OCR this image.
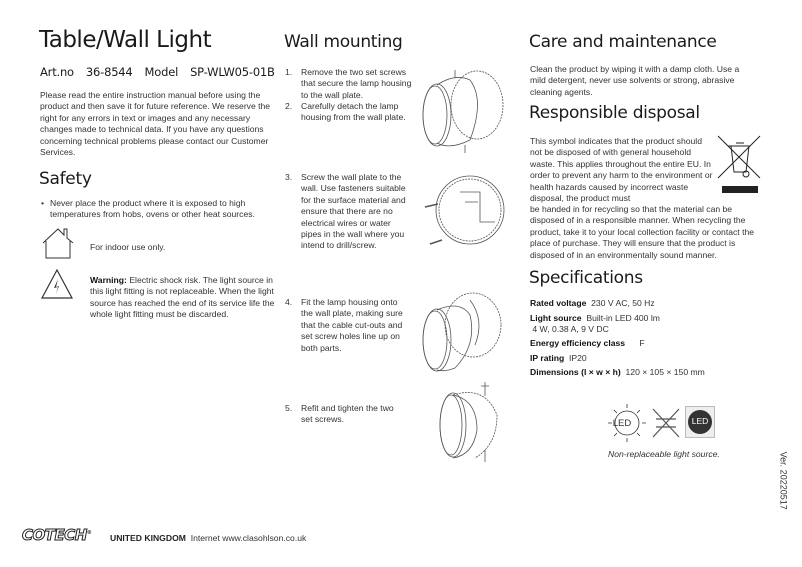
Table/Wall Light
Art.no 36-8544 Model SP-WLW05-01B

Please read the entire instruction manual before using the product and then save it for future reference. We reserve the right for any errors in text or images and any necessary changes made to technical data. If you have any questions concerning technical problems please contact our Customer Services.

Safety
• Never place the product where it is exposed to high temperatures from hobs, ovens or other heat sources.

For indoor use only.

Warning: Electric shock risk. The light source in this light fitting is not replaceable. When the light source has reached the end of its service life the whole light fitting must be discarded.

Wall mounting
1.	Remove the two set screws that secure the lamp housing to the wall plate.
2.	Carefully detach the lamp housing from the wall plate.
3.	Screw the wall plate to the wall. Use fasteners suitable for the surface material and ensure that there are no electrical wires or water pipes in the wall where you intend to drill/screw.
4.	Fit the lamp housing onto the wall plate, making sure that the cable cut-outs and set screw holes line up on both parts.
5.	Refit and tighten the two set screws.
Care and maintenance

Clean the product by wiping it with a damp cloth. Use a mild detergent, never use solvents or strong, abrasive cleaning agents.

Responsible disposal

This symbol indicates that the product should not be disposed of with general household waste. This applies throughout the entire EU. In order to prevent any harm to the environment or health hazards caused by incorrect waste disposal, the product must

be handed in for recycling so that the material can be disposed of in a responsible manner. When recycling the product, take it to your local collection facility or contact the place of purchase. They will ensure that the product is disposed of in an environmentally sound manner.

Specifications
Rated voltage 230 V AC, 50 Hz
Light source Built-in LED 400 lm
4 W, 0.38 A, 9 V DC
Energy efficiency class F
IP rating IP20
Dimensions (l × w × h) 120 × 105 × 150 mm
LED	LED

Non-replaceable light source.	Ver. 20220517
COTECH® UNITED KINGDOM Internet www.clasohlson.co.uk
